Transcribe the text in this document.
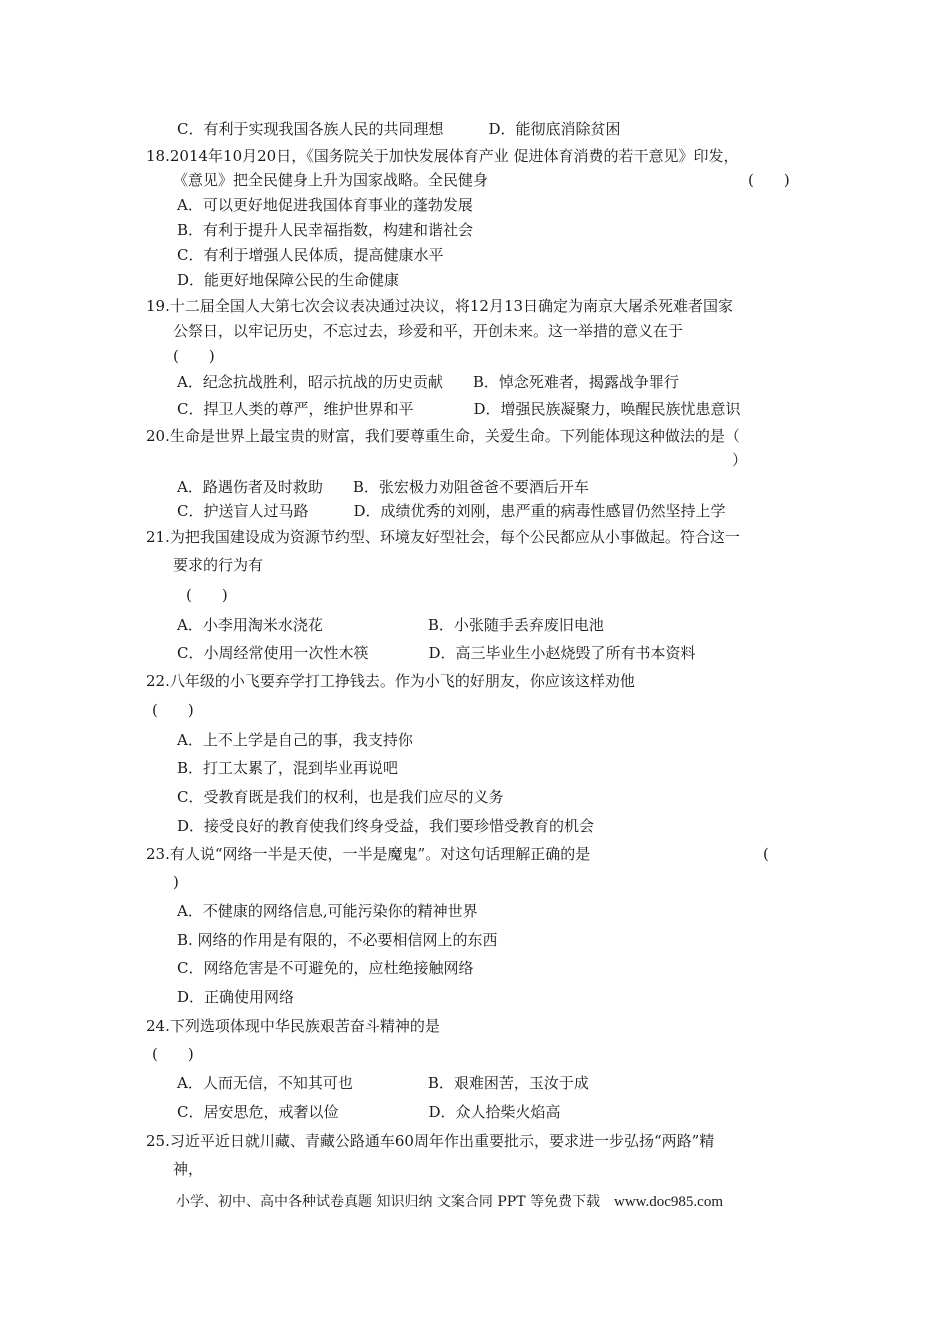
C．有利于实现我国各族人民的共同理想　　　D．能彻底消除贫困
18.2014年10月20日，《国务院关于加快发展体育产业 促进体育消费的若干意见》印发，
《意见》把全民健身上升为国家战略。全民健身	(　　)
A．可以更好地促进我国体育事业的蓬勃发展
B．有利于提升人民幸福指数，构建和谐社会
C．有利于增强人民体质，提高健康水平
D．能更好地保障公民的生命健康
19.十二届全国人大第七次会议表决通过决议，将12月13日确定为南京大屠杀死难者国家
公祭日，以牢记历史，不忘过去，珍爱和平，开创未来。这一举措的意义在于
(　　)
A．纪念抗战胜利，昭示抗战的历史贡献　　B．悼念死难者，揭露战争罪行
C．捍卫人类的尊严，维护世界和平　　　　D．增强民族凝聚力，唤醒民族忧患意识
20.生命是世界上最宝贵的财富，我们要尊重生命，关爱生命。下列能体现这种做法的是（
）
A．路遇伤者及时救助　　B．张宏极力劝阻爸爸不要酒后开车
C．护送盲人过马路　　　D．成绩优秀的刘刚，患严重的病毒性感冒仍然坚持上学
21.为把我国建设成为资源节约型、环境友好型社会，每个公民都应从小事做起。符合这一
要求的行为有
(　　)
A．小李用淘米水浇花　　　　　　　B．小张随手丢弃废旧电池
C．小周经常使用一次性木筷　　　　D．高三毕业生小赵烧毁了所有书本资料
22.八年级的小飞要弃学打工挣钱去。作为小飞的好朋友，你应该这样劝他
(　　)
A．上不上学是自己的事，我支持你
B．打工太累了，混到毕业再说吧
C．受教育既是我们的权利，也是我们应尽的义务
D．接受良好的教育使我们终身受益，我们要珍惜受教育的机会
23.有人说“网络一半是天使，一半是魔鬼”。对这句话理解正确的是	(
)
A．不健康的网络信息,可能污染你的精神世界
B. 网络的作用是有限的，不必要相信网上的东西
C．网络危害是不可避免的，应杜绝接触网络
D．正确使用网络
24.下列选项体现中华民族艰苦奋斗精神的是
(　　)
A．人而无信，不知其可也　　　　　B．艰难困苦，玉汝于成
C．居安思危，戒奢以俭　　　　　　D．众人拾柴火焰高
25.习近平近日就川藏、青藏公路通车60周年作出重要批示，要求进一步弘扬“两路”精
神，
小学、初中、高中各种试卷真题 知识归纳 文案合同 PPT 等免费下载　www.doc985.com
